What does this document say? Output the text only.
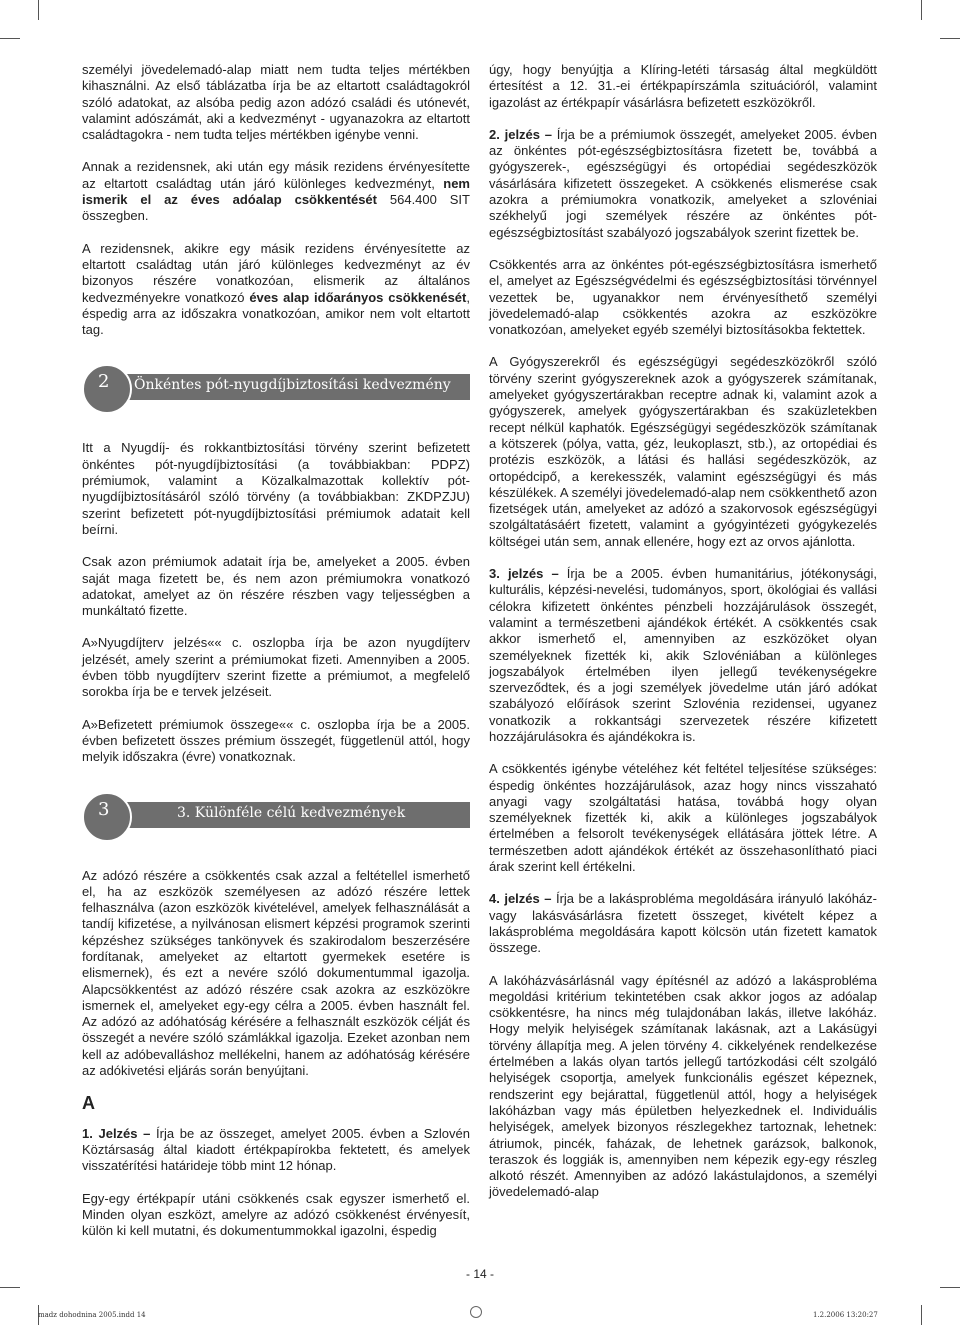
személyi jövedelemadó-alap miatt nem tudta teljes mértékben kihasználni. Az első táblázatba írja be az eltartott családtagokról szóló adatokat, az alsóba pedig azon adózó családi és utónevét, valamint adószámát, aki a kedvezményt - ugyanazokra az eltartott családtagokra - nem tudta teljes mértékben igénybe venni.

Annak a rezidensnek, aki után egy másik rezidens érvényesítette az eltartott családtag után járó különleges kedvezményt, nem ismerik el az éves adóalap csökkentését 564.400 SIT összegben.

A rezidensnek, akikre egy másik rezidens érvényesítette az eltartott családtag után járó különleges kedvezményt az év bizonyos részére vonatkozóan, elismerik az általános kedvezményekre vonatkozó éves alap időarányos csökkenését, éspedig arra az időszakra vonatkozóan, amikor nem volt eltartott tag.

2 Önkéntes pót-nyugdíjbiztosítási kedvezmény

Itt a Nyugdíj- és rokkantbiztosítási törvény szerint befizetett önkéntes pót-nyugdíjbiztosítási (a továbbiakban: PDPZ) prémiumok, valamint a Közalkalmazottak kollektív pót-nyugdíjbiztosításáról szóló törvény (a továbbiakban: ZKDPZJU) szerint befizetett pót-nyugdíjbiztosítási prémiumok adatait kell beírni.

Csak azon prémiumok adatait írja be, amelyeket a 2005. évben saját maga fizetett be, és nem azon prémiumokra vonatkozó adatokat, amelyet az ön részére részben vagy teljességben a munkáltató fizette.

A»Nyugdíjterv jelzés«« c. oszlopba írja be azon nyugdíjterv jelzését, amely szerint a prémiumokat fizeti. Amennyiben a 2005. évben több nyugdíjterv szerint fizette a prémiumot, a megfelelő sorokba írja be e tervek jelzéseit.

A»Befizetett prémiumok összege«« c. oszlopba írja be a 2005. évben befizetett összes prémium összegét, függetlenül attól, hogy melyik időszakra (évre) vonatkoznak.

3	3. Különféle célú kedvezmények

Az adózó részére a csökkentés csak azzal a feltétellel ismerhető el, ha az eszközök személyesen az adózó részére lettek felhasználva (azon eszközök kivételével, amelyek felhasználását a tandíj kifizetése, a nyilvánosan elismert képzési programok szerinti képzéshez szükséges tankönyvek és szakirodalom beszerzésére fordítanak, amelyeket az eltartott gyermekek esetére is elismernek), és ezt a nevére szóló dokumentummal igazolja. Alapcsökkentést az adózó részére csak azokra az eszközökre ismernek el, amelyeket egy-egy célra a 2005. évben használt fel. Az adózó az adóhatóság kérésére a felhasznált eszközök célját és összegét a nevére szóló számlákkal igazolja. Ezeket azonban nem kell az adóbevalláshoz mellékelni, hanem az adóhatóság kérésére az adókivetési eljárás során benyújtani.

A

1. Jelzés – Írja be az összeget, amelyet 2005. évben a Szlovén Köztársaság által kiadott értékpapírokba fektetett, és amelyek visszatérítési határideje több mint 12 hónap.

Egy-egy értékpapír utáni csökkenés csak egyszer ismerhető el. Minden olyan eszközt, amelyre az adózó csökkenést érvényesít, külön ki kell mutatni, és dokumentummokkal igazolni, éspedig

úgy, hogy benyújtja a Klíring-letéti társaság által megküldött értesítést a 12. 31.-ei értékpapírszámla szituációról, valamint igazolást az értékpapír vásárlásra befizetett eszközökről.

2. jelzés – Írja be a prémiumok összegét, amelyeket 2005. évben az önkéntes pót-egészségbiztosításra fizetett be, továbbá a gyógyszerek-, egészségügyi és ortopédiai segédeszközök vásárlására kifizetett összegeket. A csökkenés elismerése csak azokra a prémiumokra vonatkozik, amelyeket a szlovéniai székhelyű jogi személyek részére az önkéntes pót-egészségbiztosítást szabályozó jogszabályok szerint fizettek be.

Csökkentés arra az önkéntes pót-egészségbiztosításra ismerhető el, amelyet az Egészségvédelmi és egészségbiztosítási törvénnyel vezettek be, ugyanakkor nem érvényesíthető személyi jövedelemadó-alap csökkentés azokra az eszközökre vonatkozóan, amelyeket egyéb személyi biztosításokba fektettek.

A Gyógyszerekről és egészségügyi segédeszközökről szóló törvény szerint gyógyszereknek azok a gyógyszerek számítanak, amelyeket gyógyszertárakban receptre adnak ki, valamint azok a gyógyszerek, amelyek gyógyszertárakban és szaküzletekben recept nélkül kaphatók. Egészségügyi segédeszközök számítanak a kötszerek (pólya, vatta, géz, leukoplaszt, stb.), az ortopédiai és protézis eszközök, a látási és hallási segédeszközök, az ortopédcipő, a kerekesszék, valamint egészségügyi és más készülékek. A személyi jövedelemadó-alap nem csökkenthető azon fizetségek után, amelyeket az adózó a szakorvosok egészségügyi szolgáltatásáért fizetett, valamint a gyógyintézeti gyógykezelés költségei után sem, annak ellenére, hogy ezt az orvos ajánlotta.

3. jelzés – Írja be a 2005. évben humanitárius, jótékonysági, kulturális, képzési-nevelési, tudományos, sport, ökológiai és vallási célokra kifizetett önkéntes pénzbeli hozzájárulások összegét, valamint a természetbeni ajándékok értékét. A csökkentés csak akkor ismerhető el, amennyiben az eszközöket olyan személyeknek fizették ki, akik Szlovéniában a különleges jogszabályok értelmében ilyen jellegű tevékenységekre szerveződtek, és a jogi személyek jövedelme után járó adókat szabályozó előírások szerint Szlovénia rezidensei, ugyanez vonatkozik a rokkantsági szervezetek részére kifizetett hozzájárulásokra és ajándékokra is.

A csökkentés igénybe vételéhez két feltétel teljesítése szükséges: éspedig önkéntes hozzájárulások, azaz hogy nincs visszaható anyagi vagy szolgáltatási hatása, továbbá hogy olyan személyeknek fizették ki, akik a különleges jogszabályok értelmében a felsorolt tevékenységek ellátására jöttek létre. A természetben adott ajándékok értékét az összehasonlítható piaci árak szerint kell értékelni.

4. jelzés – Írja be a lakásprobléma megoldására irányuló lakóház- vagy lakásvásárlásra fizetett összeget, kivételt képez a lakásprobléma megoldására kapott kölcsön után fizetett kamatok összege.

A lakóházvásárlásnál vagy építésnél az adózó a lakásprobléma megoldási kritérium tekintetében csak akkor jogos az adóalap csökkentésre, ha nincs még tulajdonában lakás, illetve lakóház. Hogy melyik helyiségek számítanak lakásnak, azt a Lakásügyi törvény állapítja meg. A jelen törvény 4. cikkelyének rendelkezése értelmében a lakás olyan tartós jellegű tartózkodási célt szolgáló helyiségek csoportja, amelyek funkcionális egészet képeznek, rendszerint egy bejárattal, függetlenül attól, hogy a helyiségek lakóházban vagy más épületben helyezkednek el. Individuális helyiségek, amelyek bizonyos részlegekhez tartoznak, lehetnek: átriumok, pincék, faházak, de lehetnek garázsok, balkonok, teraszok és loggiák is, amennyiben nem képezik egy-egy részleg alkotó részét. Amennyiben az adózó lakástulajdonos, a személyi jövedelemadó-alap

- 14 -
madz dohodnina 2005.indd 14	1.2.2006 13:20:27
